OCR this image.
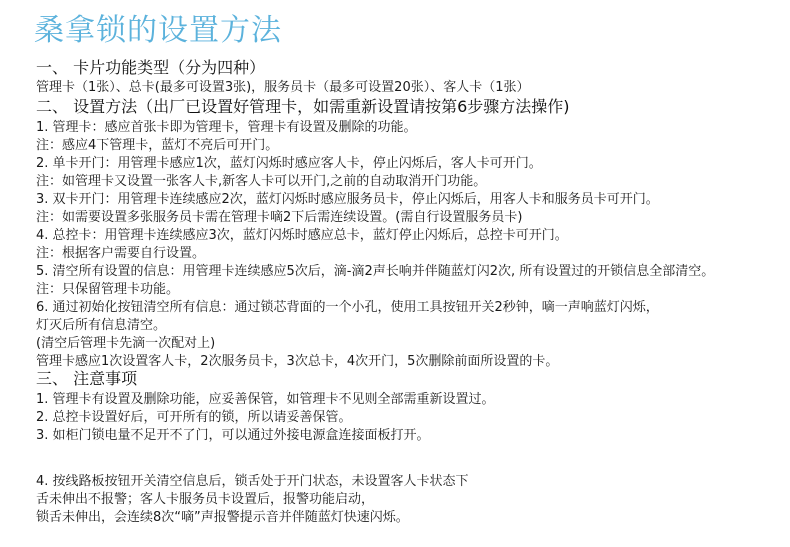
桑拿锁的设置方法
一、 卡片功能类型（分为四种）
管理卡（1张）、总卡(最多可设置3张)，服务员卡（最多可设置20张）、客人卡（1张）
二、 设置方法（出厂已设置好管理卡，如需重新设置请按第6步骤方法操作)
1. 管理卡：感应首张卡即为管理卡，管理卡有设置及删除的功能。
注：感应4下管理卡，蓝灯不亮后可开门。
2. 单卡开门：用管理卡感应1次，蓝灯闪烁时感应客人卡，停止闪烁后，客人卡可开门。
注：如管理卡又设置一张客人卡,新客人卡可以开门,之前的自动取消开门功能。
3. 双卡开门：用管理卡连续感应2次，蓝灯闪烁时感应服务员卡，停止闪烁后，用客人卡和服务员卡可开门。
注：如需要设置多张服务员卡需在管理卡嘀2下后需连续设置。(需自行设置服务员卡)
4. 总控卡：用管理卡连续感应3次，蓝灯闪烁时感应总卡，蓝灯停止闪烁后，总控卡可开门。
注：根据客户需要自行设置。
5. 清空所有设置的信息：用管理卡连续感应5次后，滴-滴2声长响并伴随蓝灯闪2次, 所有设置过的开锁信息全部清空。
注：只保留管理卡功能。
6. 通过初始化按钮清空所有信息：通过锁芯背面的一个小孔，使用工具按钮开关2秒钟，嘀一声响蓝灯闪烁，
灯灭后所有信息清空。
(清空后管理卡先滴一次配对上)
管理卡感应1次设置客人卡，2次服务员卡，3次总卡，4次开门，5次删除前面所设置的卡。
三、 注意事项
1. 管理卡有设置及删除功能，应妥善保管，如管理卡不见则全部需重新设置过。
2. 总控卡设置好后，可开所有的锁，所以请妥善保管。
3. 如柜门锁电量不足开不了门，可以通过外接电源盒连接面板打开。
4. 按线路板按钮开关清空信息后，锁舌处于开门状态，未设置客人卡状态下
舌未伸出不报警；客人卡服务员卡设置后，报警功能启动，
锁舌未伸出，会连续8次“嘀”声报警提示音并伴随蓝灯快速闪烁。
